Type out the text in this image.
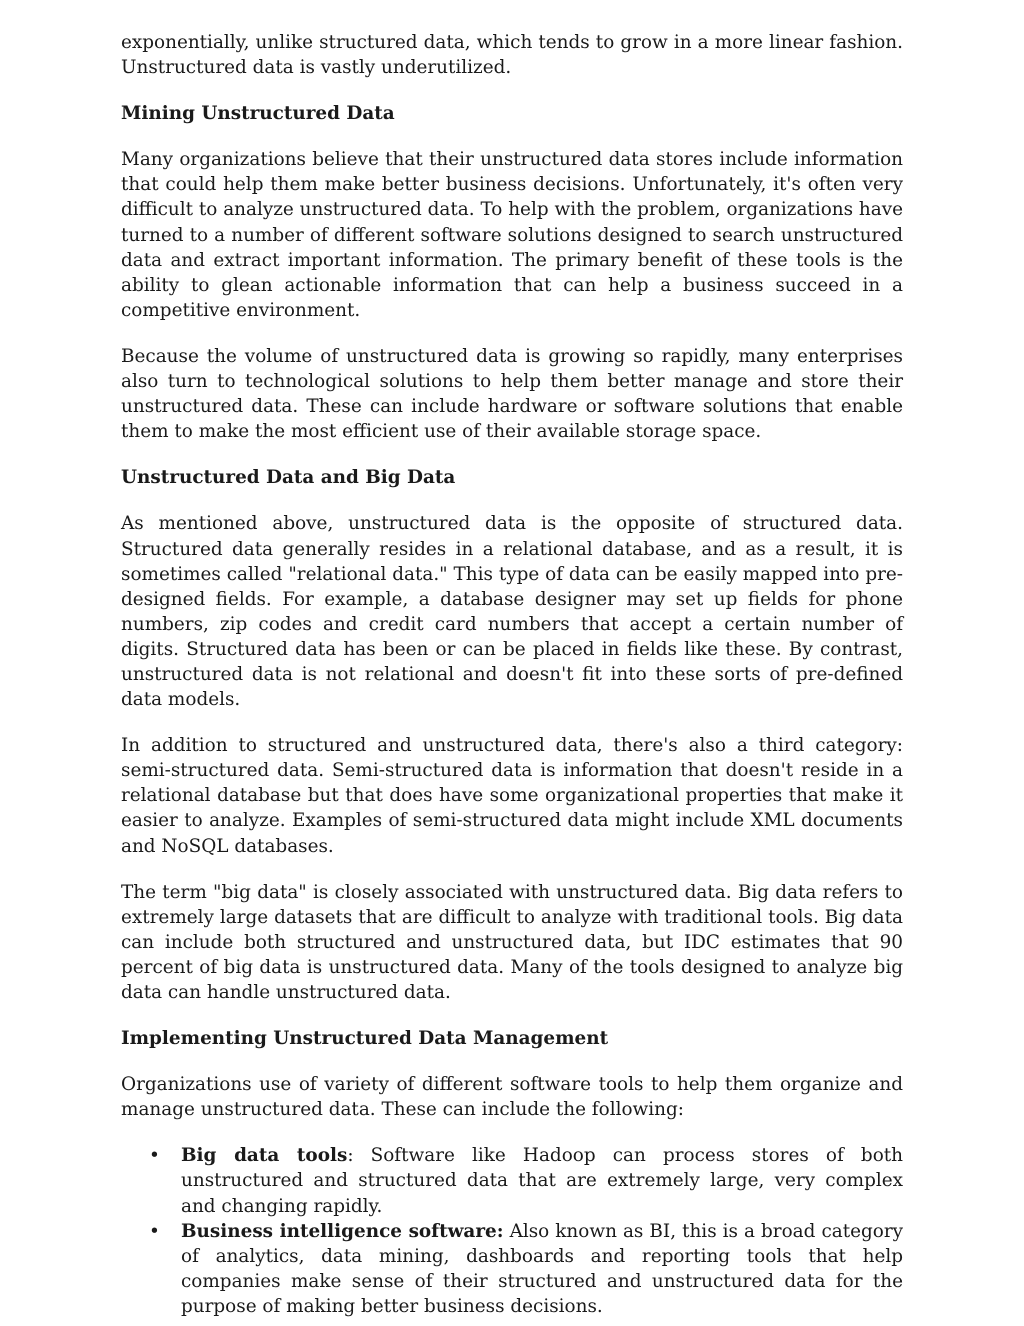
exponentially, unlike structured data, which tends to grow in a more linear fashion. Unstructured data is vastly underutilized.

Mining Unstructured Data

Many organizations believe that their unstructured data stores include information that could help them make better business decisions. Unfortunately, it's often very difficult to analyze unstructured data. To help with the problem, organizations have turned to a number of different software solutions designed to search unstructured data and extract important information. The primary benefit of these tools is the ability to glean actionable information that can help a business succeed in a competitive environment.

Because the volume of unstructured data is growing so rapidly, many enterprises also turn to technological solutions to help them better manage and store their unstructured data. These can include hardware or software solutions that enable them to make the most efficient use of their available storage space.

Unstructured Data and Big Data

As mentioned above, unstructured data is the opposite of structured data. Structured data generally resides in a relational database, and as a result, it is sometimes called "relational data." This type of data can be easily mapped into pre-designed fields. For example, a database designer may set up fields for phone numbers, zip codes and credit card numbers that accept a certain number of digits. Structured data has been or can be placed in fields like these. By contrast, unstructured data is not relational and doesn't fit into these sorts of pre-defined data models.

In addition to structured and unstructured data, there's also a third category: semi-structured data. Semi-structured data is information that doesn't reside in a relational database but that does have some organizational properties that make it easier to analyze. Examples of semi-structured data might include XML documents and NoSQL databases.

The term "big data" is closely associated with unstructured data. Big data refers to extremely large datasets that are difficult to analyze with traditional tools. Big data can include both structured and unstructured data, but IDC estimates that 90 percent of big data is unstructured data. Many of the tools designed to analyze big data can handle unstructured data.

Implementing Unstructured Data Management

Organizations use of variety of different software tools to help them organize and manage unstructured data. These can include the following:

• Big data tools: Software like Hadoop can process stores of both unstructured and structured data that are extremely large, very complex and changing rapidly.
• Business intelligence software: Also known as BI, this is a broad category of analytics, data mining, dashboards and reporting tools that help companies make sense of their structured and unstructured data for the purpose of making better business decisions.
